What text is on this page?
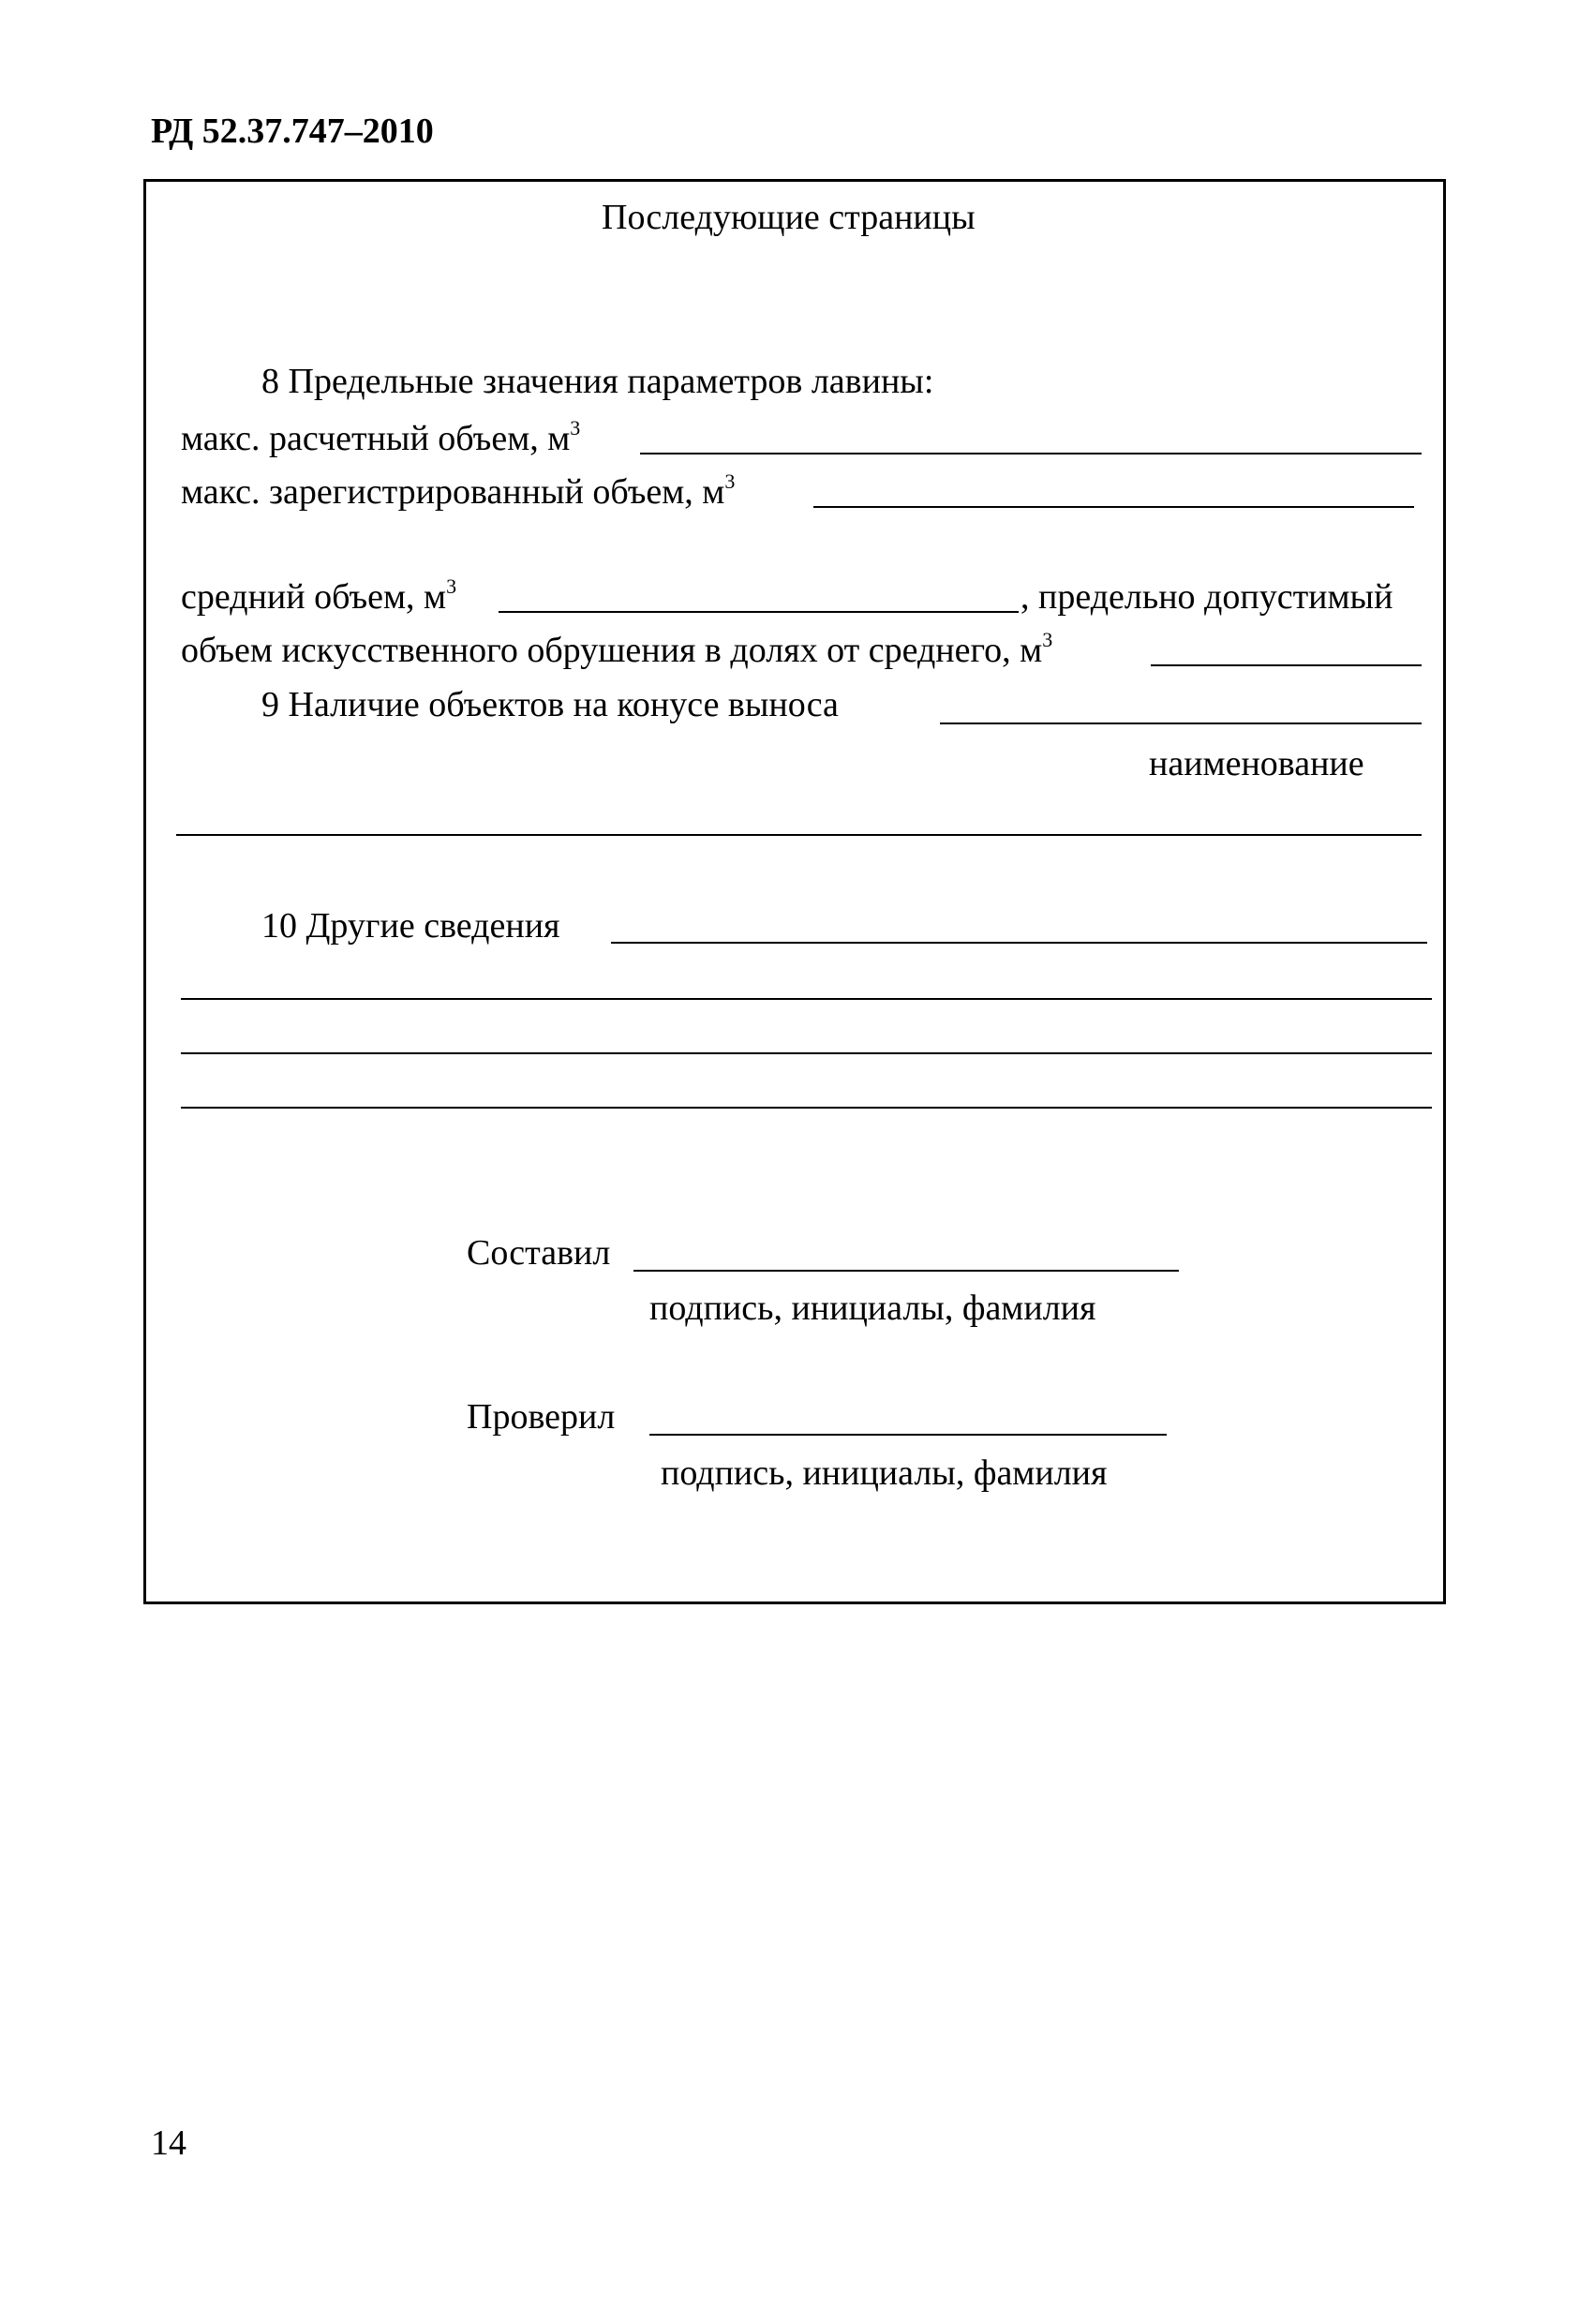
РД 52.37.747–2010
Последующие страницы
8 Предельные значения параметров лавины:
макс. расчетный объем, $м^3$
макс. зарегистрированный объем, $м^3$
средний объем, $м^3$	, предельно допустимый
объем искусственного обрушения в долях от среднего, $м^3$
9 Наличие объектов на конусе выноса
наименование
10 Другие сведения
Составил
подпись, инициалы, фамилия
Проверил
подпись, инициалы, фамилия
14
